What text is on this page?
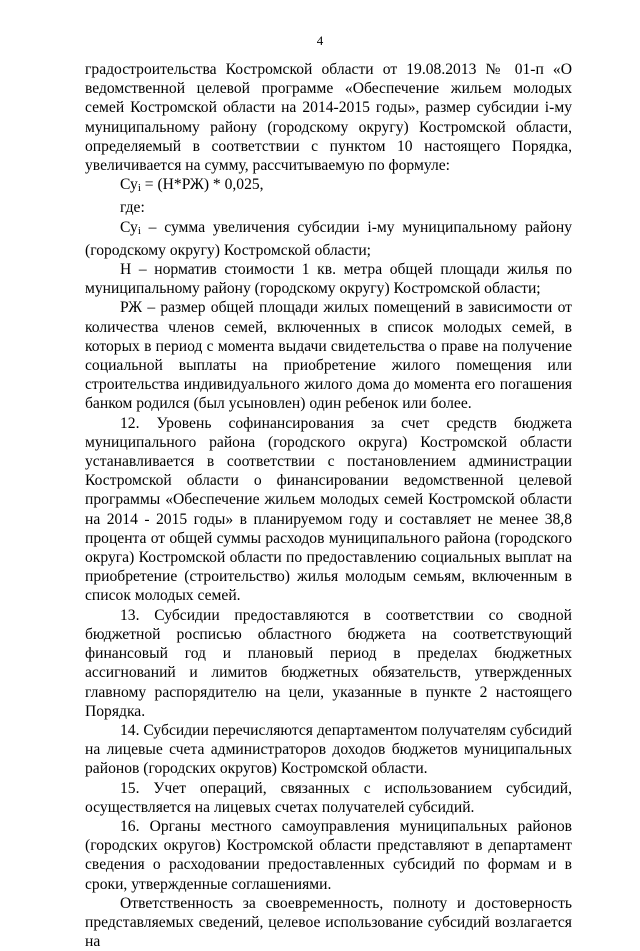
4

градостроительства Костромской области от 19.08.2013 № 01-п «О ведомственной целевой программе «Обеспечение жильем молодых семей Костромской области на 2014-2015 годы», размер субсидии i-му муниципальному району (городскому округу) Костромской области, определяемый в соответствии с пунктом 10 настоящего Порядка, увеличивается на сумму, рассчитываемую по формуле:

Суi = (Н*РЖ) * 0,025,

где:

Суi – сумма увеличения субсидии i-му муниципальному району (городскому округу) Костромской области;

Н – норматив стоимости 1 кв. метра общей площади жилья по муниципальному району (городскому округу) Костромской области;

РЖ – размер общей площади жилых помещений в зависимости от количества членов семей, включенных в список молодых семей, в которых в период с момента выдачи свидетельства о праве на получение социальной выплаты на приобретение жилого помещения или строительства индивидуального жилого дома до момента его погашения банком родился (был усыновлен) один ребенок или более.

12. Уровень софинансирования за счет средств бюджета муниципального района (городского округа) Костромской области устанавливается в соответствии с постановлением администрации Костромской области о финансировании ведомственной целевой программы «Обеспечение жильем молодых семей Костромской области на 2014 - 2015 годы» в планируемом году и составляет не менее 38,8 процента от общей суммы расходов муниципального района (городского округа) Костромской области по предоставлению социальных выплат на приобретение (строительство) жилья молодым семьям, включенным в список молодых семей.

13. Субсидии предоставляются в соответствии со сводной бюджетной росписью областного бюджета на соответствующий финансовый год и плановый период в пределах бюджетных ассигнований и лимитов бюджетных обязательств, утвержденных главному распорядителю на цели, указанные в пункте 2 настоящего Порядка.

14. Субсидии перечисляются департаментом получателям субсидий на лицевые счета администраторов доходов бюджетов муниципальных районов (городских округов) Костромской области.

15. Учет операций, связанных с использованием субсидий, осуществляется на лицевых счетах получателей субсидий.

16. Органы местного самоуправления муниципальных районов (городских округов) Костромской области представляют в департамент сведения о расходовании предоставленных субсидий по формам и в сроки, утвержденные соглашениями.

Ответственность за своевременность, полноту и достоверность представляемых сведений, целевое использование субсидий возлагается на
